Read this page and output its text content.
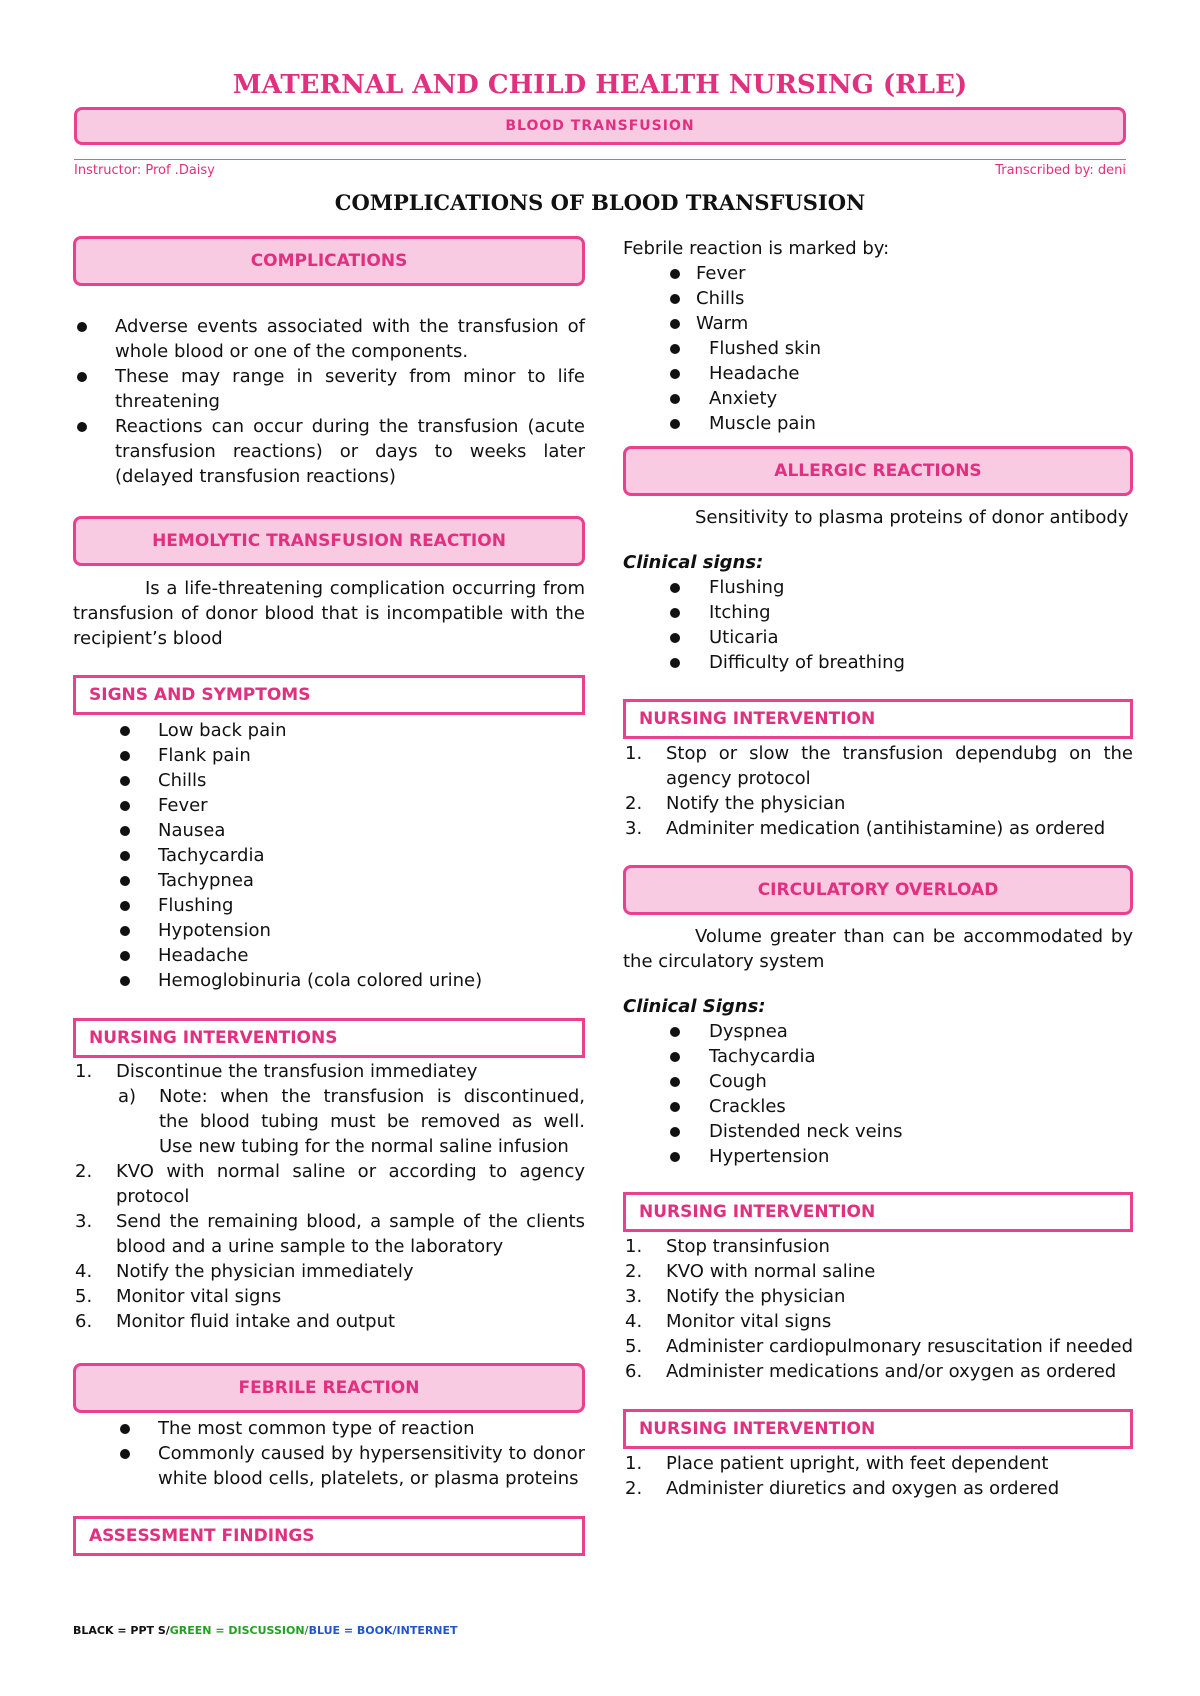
MATERNAL AND CHILD HEALTH NURSING (RLE)
BLOOD TRANSFUSION
Instructor: Prof .Daisy	Transcribed by: deni
COMPLICATIONS OF BLOOD TRANSFUSION
COMPLICATIONS
Adverse events associated with the transfusion of whole blood or one of the components.
These may range in severity from minor to life threatening
Reactions can occur during the transfusion (acute transfusion reactions) or days to weeks later (delayed transfusion reactions)
HEMOLYTIC TRANSFUSION REACTION
Is a life-threatening complication occurring from transfusion of donor blood that is incompatible with the recipient’s blood
SIGNS AND SYMPTOMS
Low back pain
Flank pain
Chills
Fever
Nausea
Tachycardia
Tachypnea
Flushing
Hypotension
Headache
Hemoglobinuria (cola colored urine)
NURSING INTERVENTIONS
1. Discontinue the transfusion immediatey
a) Note: when the transfusion is discontinued, the blood tubing must be removed as well. Use new tubing for the normal saline infusion
2. KVO with normal saline or according to agency protocol
3. Send the remaining blood, a sample of the clients blood and a urine sample to the laboratory
4. Notify the physician immediately
5. Monitor vital signs
6. Monitor fluid intake and output
FEBRILE REACTION
The most common type of reaction
Commonly caused by hypersensitivity to donor white blood cells, platelets, or plasma proteins
ASSESSMENT FINDINGS
Febrile reaction is marked by:
Fever
Chills
Warm
Flushed skin
Headache
Anxiety
Muscle pain
ALLERGIC REACTIONS
Sensitivity to plasma proteins of donor antibody
Clinical signs:
Flushing
Itching
Uticaria
Difficulty of breathing
NURSING INTERVENTION
1. Stop or slow the transfusion dependubg on the agency protocol
2. Notify the physician
3. Adminiter medication (antihistamine) as ordered
CIRCULATORY OVERLOAD
Volume greater than can be accommodated by the circulatory system
Clinical Signs:
Dyspnea
Tachycardia
Cough
Crackles
Distended neck veins
Hypertension
NURSING INTERVENTION
1. Stop transinfusion
2. KVO with normal saline
3. Notify the physician
4. Monitor vital signs
5. Administer cardiopulmonary resuscitation if needed
6. Administer medications and/or oxygen as ordered
NURSING INTERVENTION
1. Place patient upright, with feet dependent
2. Administer diuretics and oxygen as ordered
BLACK = PPT S/GREEN = DISCUSSION/BLUE = BOOK/INTERNET
